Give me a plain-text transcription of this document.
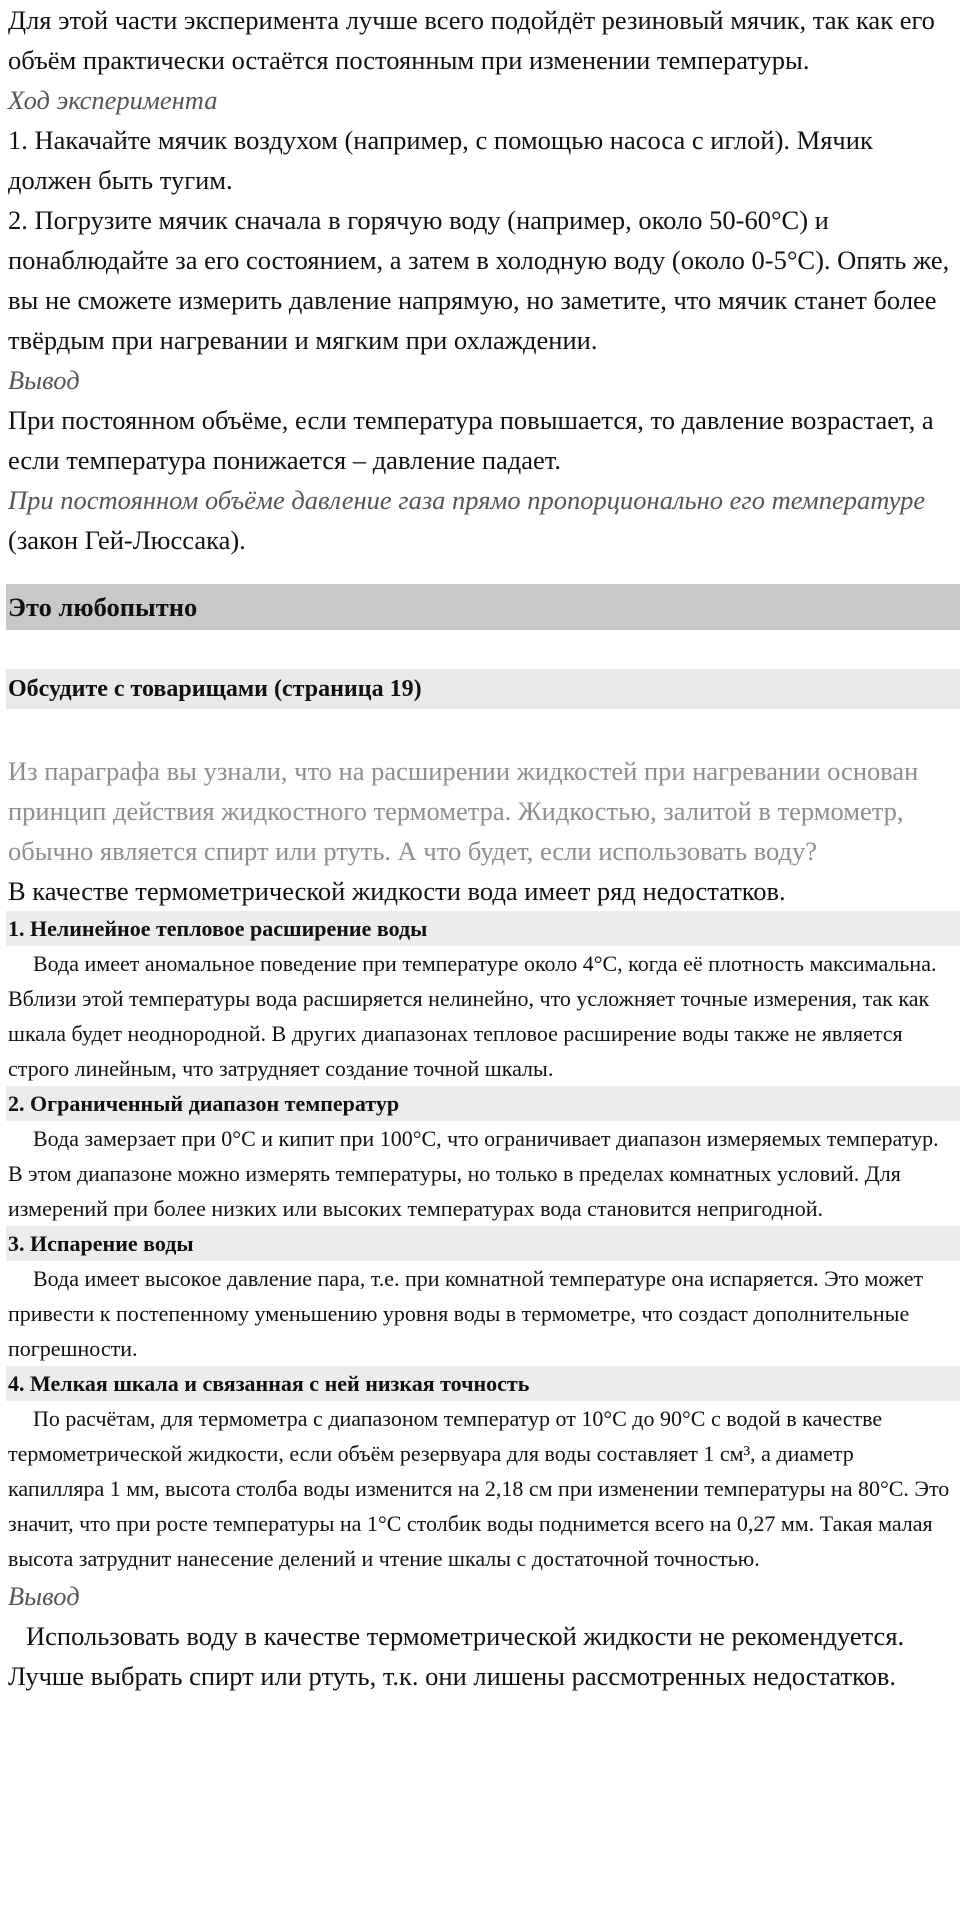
Для этой части эксперимента лучше всего подойдёт резиновый мячик, так как его объём практически остаётся постоянным при изменении температуры.

Ход эксперимента

1. Накачайте мячик воздухом (например, с помощью насоса с иглой). Мячик должен быть тугим.

2. Погрузите мячик сначала в горячую воду (например, около 50-60°С) и понаблюдайте за его состоянием, а затем в холодную воду (около 0-5°С). Опять же, вы не сможете измерить давление напрямую, но заметите, что мячик станет более твёрдым при нагревании и мягким при охлаждении.

Вывод

При постоянном объёме, если температура повышается, то давление возрастает, а если температура понижается – давление падает.

При постоянном объёме давление газа прямо пропорционально его температуре (закон Гей-Люссака).

Это любопытно
Обсудите с товарищами (страница 19)

Из параграфа вы узнали, что на расширении жидкостей при нагревании основан принцип действия жидкостного термометра. Жидкостью, залитой в термометр, обычно является спирт или ртуть. А что будет, если использовать воду?

В качестве термометрической жидкости вода имеет ряд недостатков.

1. Нелинейное тепловое расширение воды

Вода имеет аномальное поведение при температуре около 4°С, когда её плотность максимальна. Вблизи этой температуры вода расширяется нелинейно, что усложняет точные измерения, так как шкала будет неоднородной. В других диапазонах тепловое расширение воды также не является строго линейным, что затрудняет создание точной шкалы.

2. Ограниченный диапазон температур

Вода замерзает при 0°С и кипит при 100°С, что ограничивает диапазон измеряемых температур. В этом диапазоне можно измерять температуры, но только в пределах комнатных условий. Для измерений при более низких или высоких температурах вода становится непригодной.

3. Испарение воды

Вода имеет высокое давление пара, т.е. при комнатной температуре она испаряется. Это может привести к постепенному уменьшению уровня воды в термометре, что создаст дополнительные погрешности.

4. Мелкая шкала и связанная с ней низкая точность

По расчётам, для термометра с диапазоном температур от 10°С до 90°С с водой в качестве термометрической жидкости, если объём резервуара для воды составляет 1 см³, а диаметр капилляра 1 мм, высота столба воды изменится на 2,18 см при изменении температуры на 80°С. Это значит, что при росте температуры на 1°С столбик воды поднимется всего на 0,27 мм. Такая малая высота затруднит нанесение делений и чтение шкалы с достаточной точностью.

Вывод

Использовать воду в качестве термометрической жидкости не рекомендуется. Лучше выбрать спирт или ртуть, т.к. они лишены рассмотренных недостатков.
